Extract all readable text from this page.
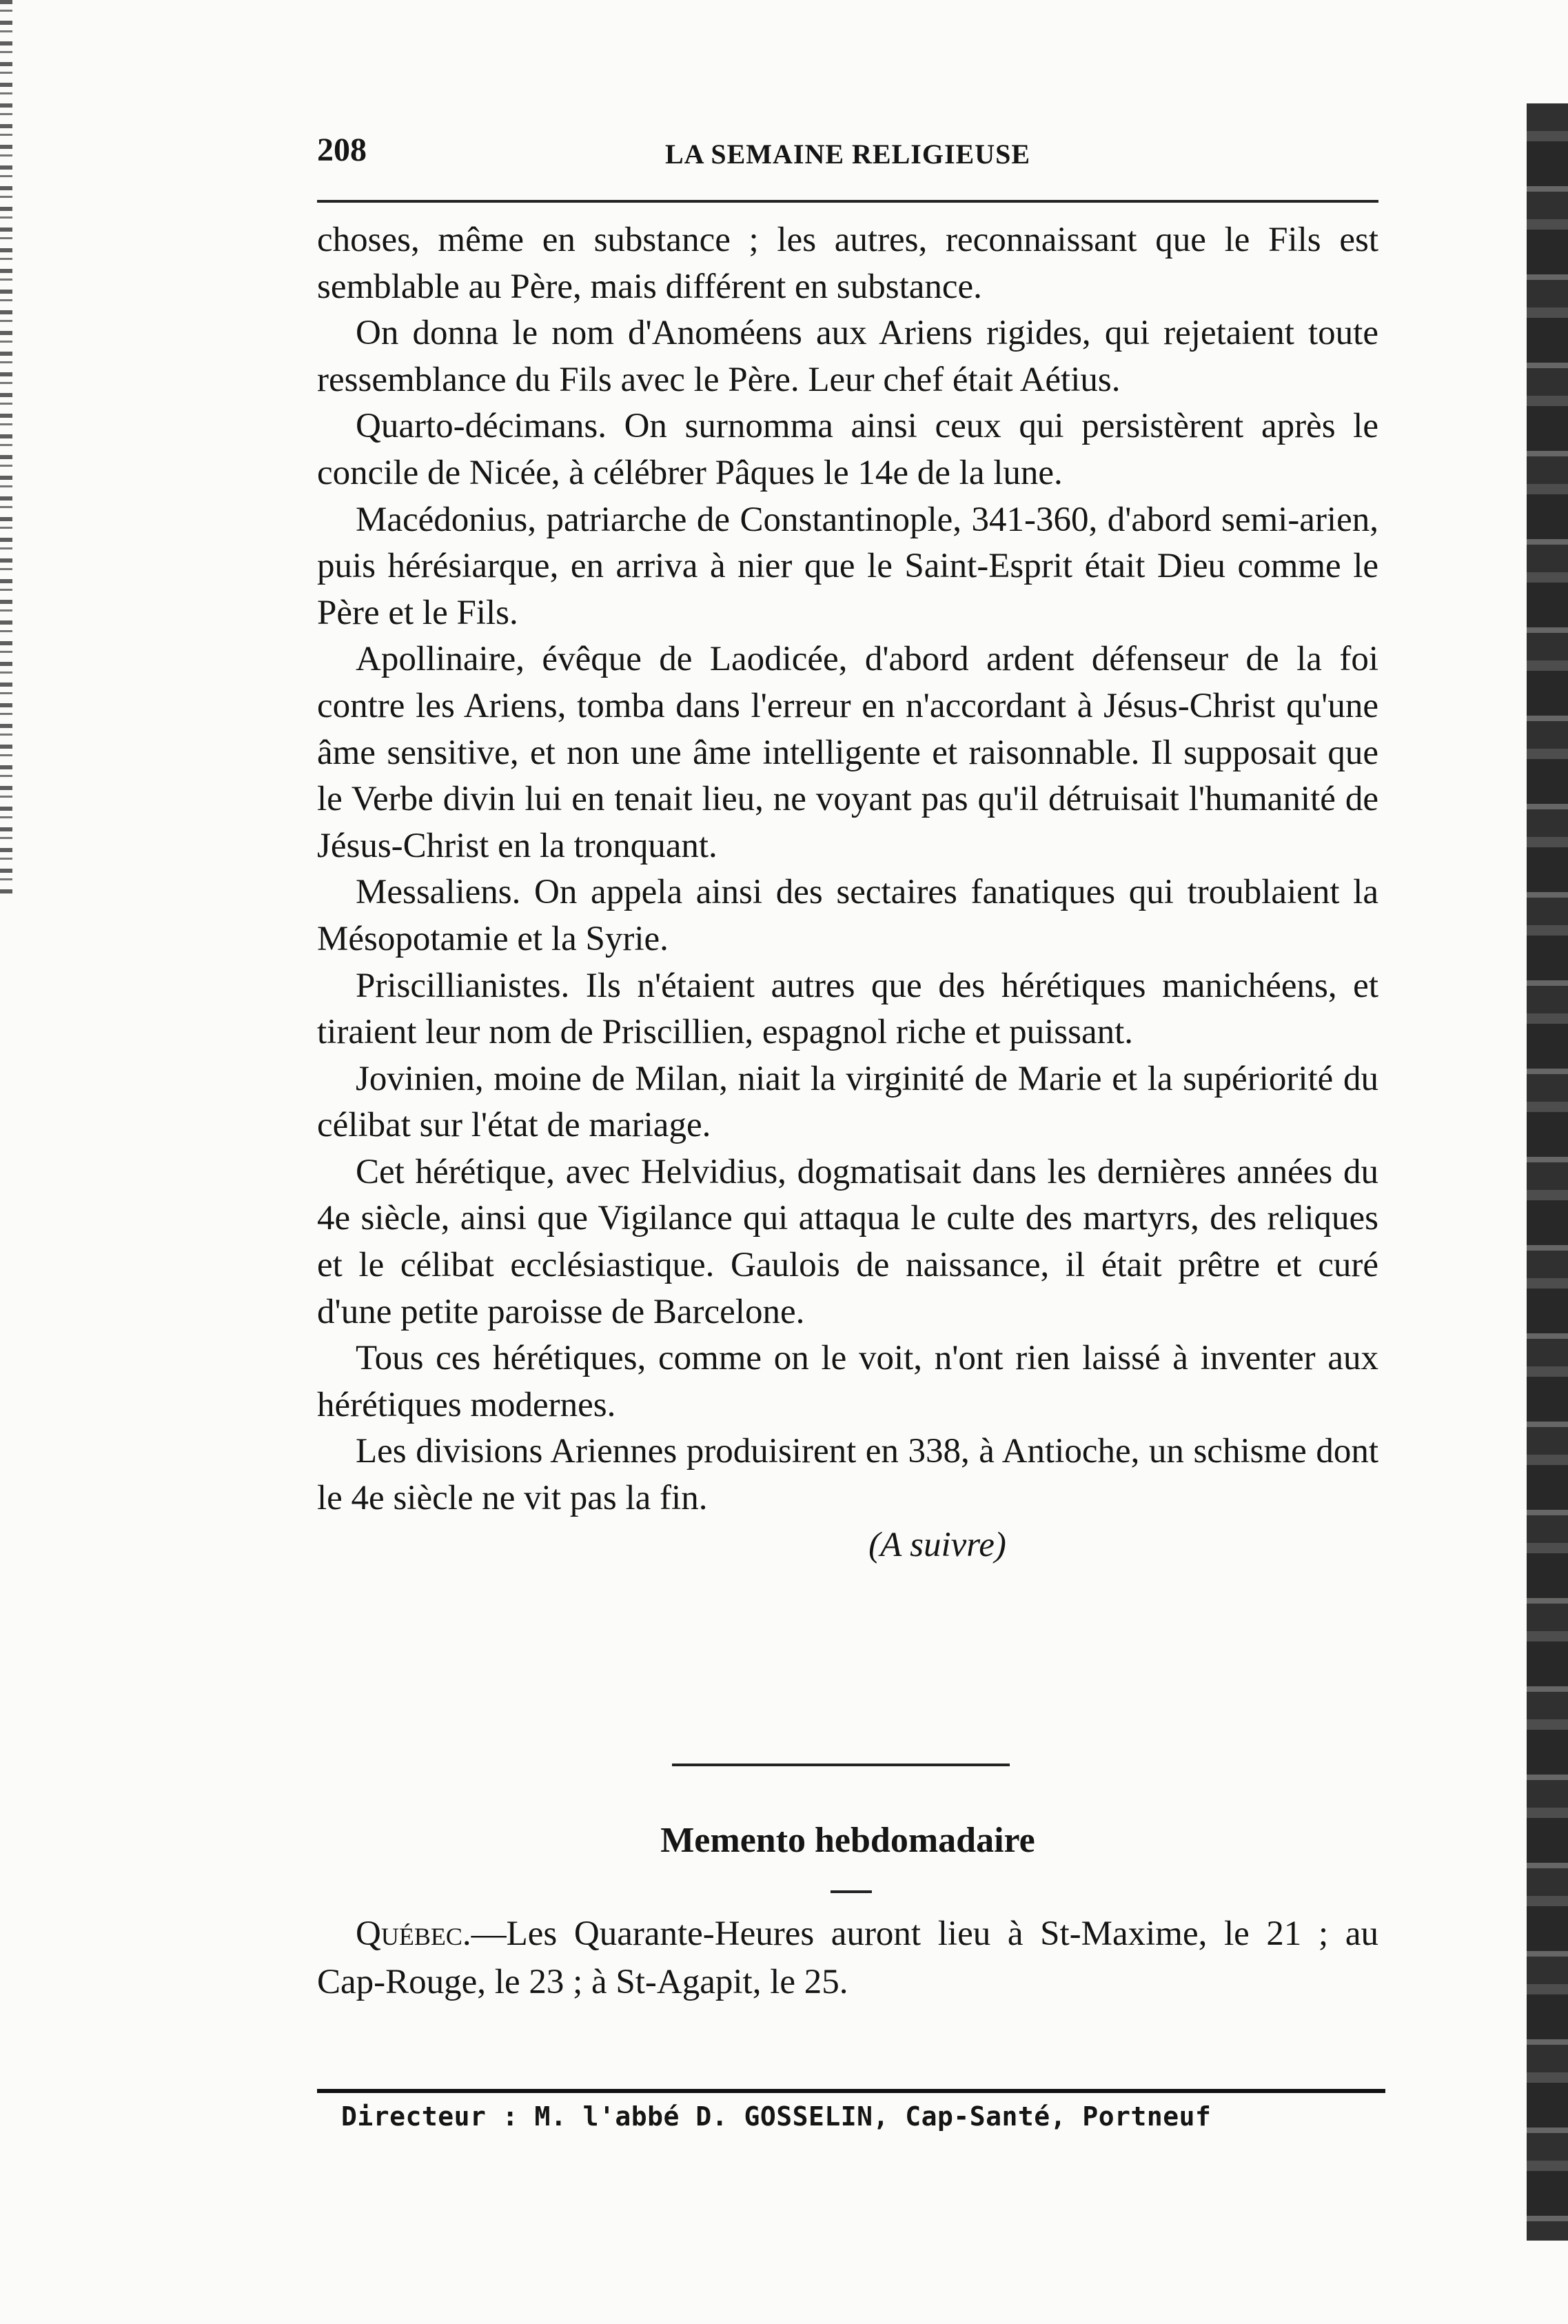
208	LA SEMAINE RELIGIEUSE

choses, même en substance ; les autres, reconnaissant que le Fils est semblable au Père, mais différent en substance.

On donna le nom d'Anoméens aux Ariens rigides, qui rejetaient toute ressemblance du Fils avec le Père. Leur chef était Aétius.

Quarto-décimans. On surnomma ainsi ceux qui persistèrent après le concile de Nicée, à célébrer Pâques le 14e de la lune.

Macédonius, patriarche de Constantinople, 341-360, d'abord semi-arien, puis hérésiarque, en arriva à nier que le Saint-Esprit était Dieu comme le Père et le Fils.

Apollinaire, évêque de Laodicée, d'abord ardent défenseur de la foi contre les Ariens, tomba dans l'erreur en n'accordant à Jésus-Christ qu'une âme sensitive, et non une âme intelligente et raisonnable. Il supposait que le Verbe divin lui en tenait lieu, ne voyant pas qu'il détruisait l'humanité de Jésus-Christ en la tronquant.

Messaliens. On appela ainsi des sectaires fanatiques qui troublaient la Mésopotamie et la Syrie.

Priscillianistes. Ils n'étaient autres que des hérétiques manichéens, et tiraient leur nom de Priscillien, espagnol riche et puissant.

Jovinien, moine de Milan, niait la virginité de Marie et la supériorité du célibat sur l'état de mariage.

Cet hérétique, avec Helvidius, dogmatisait dans les dernières années du 4e siècle, ainsi que Vigilance qui attaqua le culte des martyrs, des reliques et le célibat ecclésiastique. Gaulois de naissance, il était prêtre et curé d'une petite paroisse de Barcelone.

Tous ces hérétiques, comme on le voit, n'ont rien laissé à inventer aux hérétiques modernes.

Les divisions Ariennes produisirent en 338, à Antioche, un schisme dont le 4e siècle ne vit pas la fin.

(A suivre)

Memento hebdomadaire

Québec.—Les Quarante-Heures auront lieu à St-Maxime, le 21 ; au Cap-Rouge, le 23 ; à St-Agapit, le 25.

Directeur : M. l'abbé D. GOSSELIN, Cap-Santé, Portneuf
